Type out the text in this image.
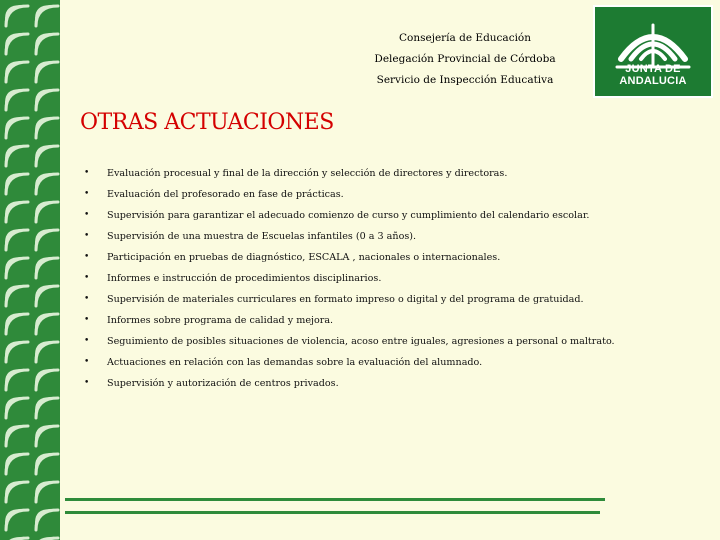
Consejería de Educación
Delegación Provincial de Córdoba
Servicio de Inspección Educativa
JUNTA DE ANDALUCIA
OTRAS ACTUACIONES
• Evaluación procesual y final de la dirección y selección de directores y directoras.
• Evaluación del profesorado en fase de prácticas.
• Supervisión para garantizar el adecuado comienzo de curso y cumplimiento del calendario escolar.
• Supervisión de una muestra de Escuelas infantiles (0 a 3 años).
• Participación en pruebas de diagnóstico, ESCALA , nacionales o internacionales.
• Informes e instrucción de procedimientos disciplinarios.
• Supervisión de materiales curriculares en formato impreso o digital y del programa de gratuidad.
• Informes sobre programa de calidad y mejora.
• Seguimiento de posibles situaciones de violencia, acoso entre iguales, agresiones a personal o maltrato.
• Actuaciones en relación con las demandas sobre la evaluación del alumnado.
• Supervisión y autorización de centros privados.
